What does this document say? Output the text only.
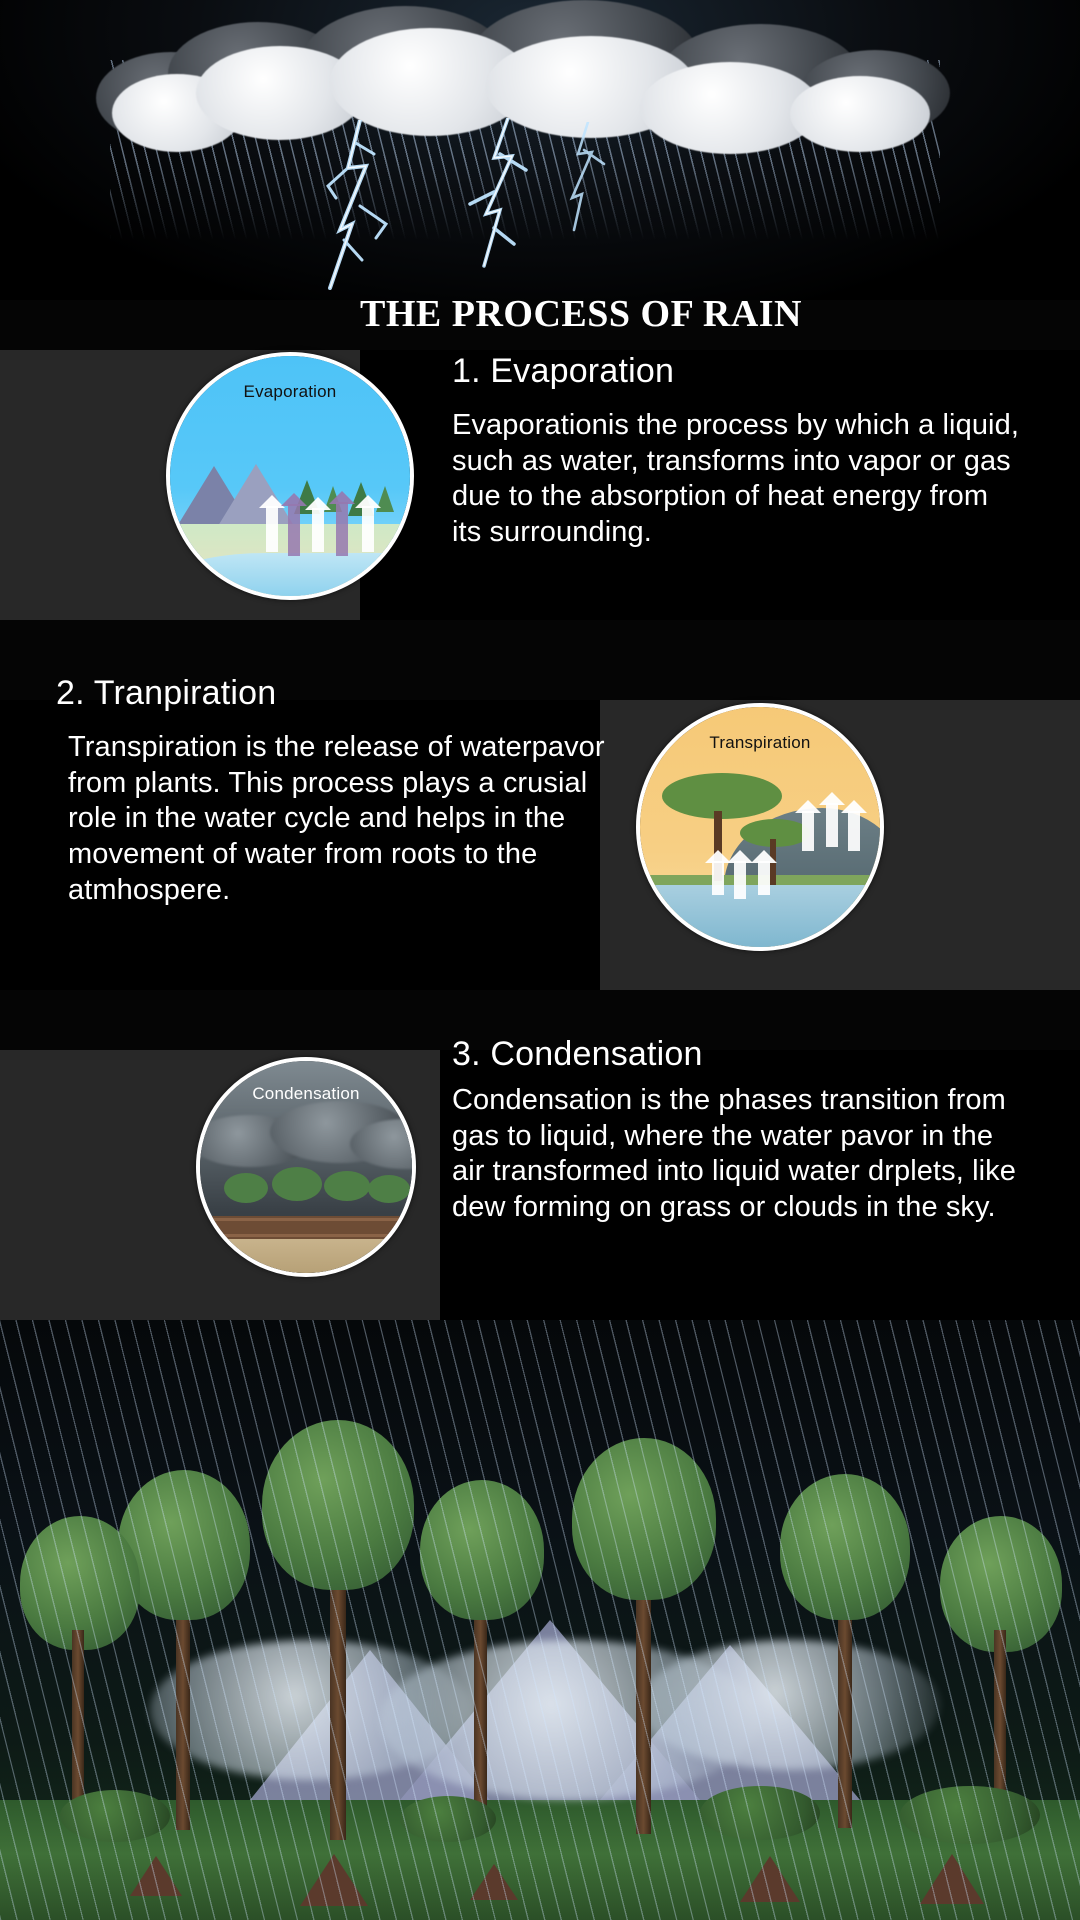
THE PROCESS OF RAIN
Evaporation
1. Evaporation
Evaporationis the process by which a liquid, such as water, transforms into vapor or gas due to the absorption of heat energy from its surrounding.
Transpiration
2. Tranpiration
Transpiration is the release of waterpavor from plants. This process plays a crusial role in the water cycle and helps in the movement of water from roots to the atmhospere.
Condensation
3. Condensation
Condensation is the phases transition from gas to liquid, where the water pavor in the air transformed into liquid water drplets, like dew forming on grass or clouds in the sky.
